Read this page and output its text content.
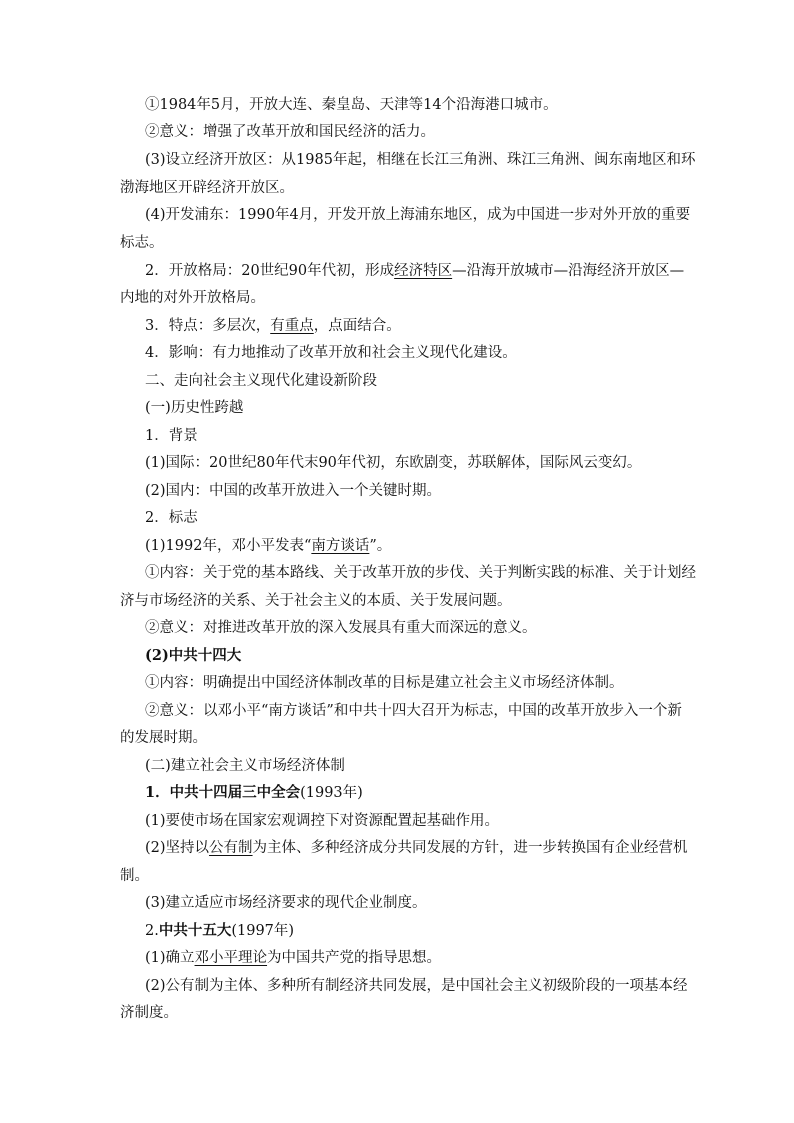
①1984年5月，开放大连、秦皇岛、天津等14个沿海港口城市。
②意义：增强了改革开放和国民经济的活力。
(3)设立经济开放区：从1985年起，相继在长江三角洲、珠江三角洲、闽东南地区和环
渤海地区开辟经济开放区。
(4)开发浦东：1990年4月，开发开放上海浦东地区，成为中国进一步对外开放的重要
标志。
2．开放格局：20世纪90年代初，形成经济特区—沿海开放城市—沿海经济开放区—
内地的对外开放格局。
3．特点：多层次，有重点，点面结合。
4．影响：有力地推动了改革开放和社会主义现代化建设。
二、走向社会主义现代化建设新阶段
(一)历史性跨越
1．背景
(1)国际：20世纪80年代末90年代初，东欧剧变，苏联解体，国际风云变幻。
(2)国内：中国的改革开放进入一个关键时期。
2．标志
(1)1992年，邓小平发表“南方谈话”。
①内容：关于党的基本路线、关于改革开放的步伐、关于判断实践的标准、关于计划经
济与市场经济的关系、关于社会主义的本质、关于发展问题。
②意义：对推进改革开放的深入发展具有重大而深远的意义。
(2)中共十四大
①内容：明确提出中国经济体制改革的目标是建立社会主义市场经济体制。
②意义：以邓小平“南方谈话”和中共十四大召开为标志，中国的改革开放步入一个新
的发展时期。
(二)建立社会主义市场经济体制
1．中共十四届三中全会(1993年)
(1)要使市场在国家宏观调控下对资源配置起基础作用。
(2)坚持以公有制为主体、多种经济成分共同发展的方针，进一步转换国有企业经营机
制。
(3)建立适应市场经济要求的现代企业制度。
2.中共十五大(1997年)
(1)确立邓小平理论为中国共产党的指导思想。
(2)公有制为主体、多种所有制经济共同发展，是中国社会主义初级阶段的一项基本经
济制度。
